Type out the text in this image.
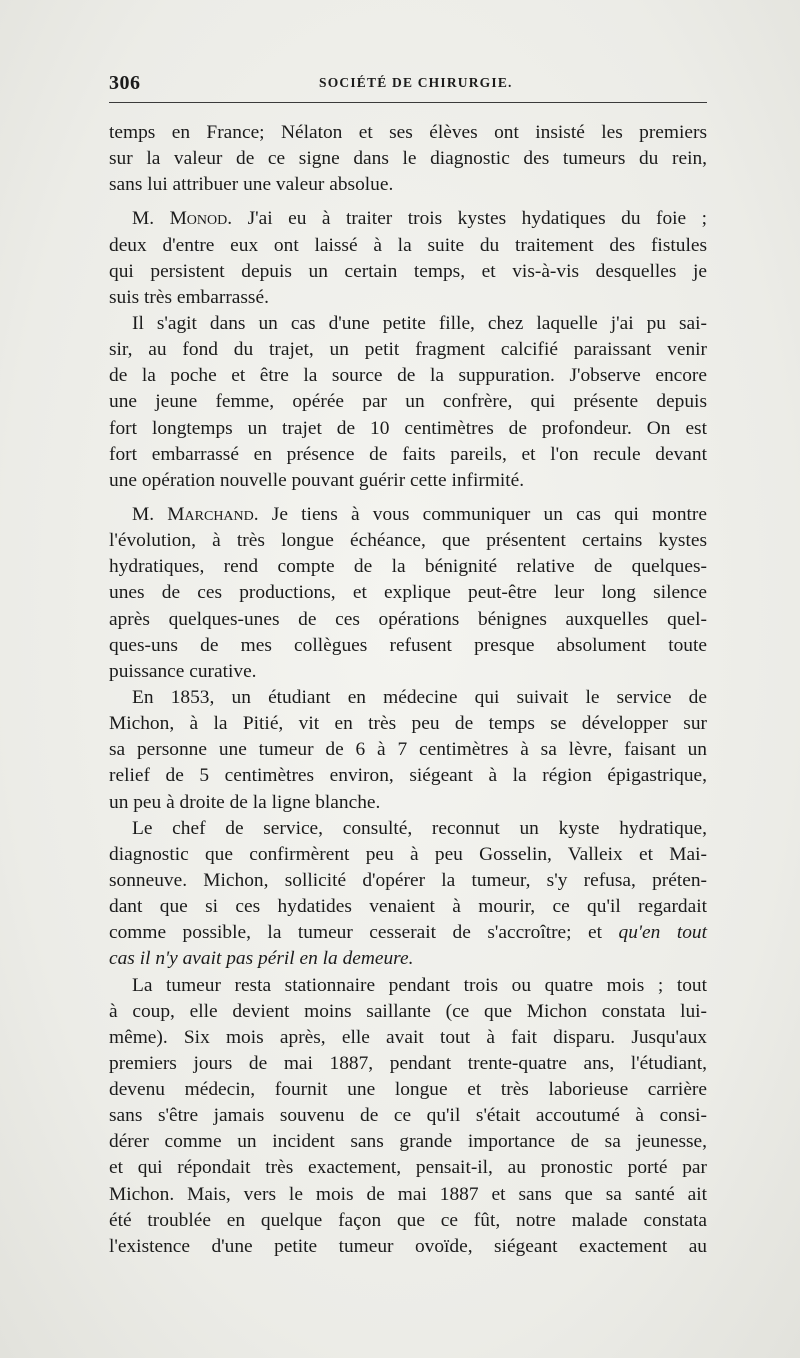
306	SOCIÉTÉ DE CHIRURGIE.
temps en France; Nélaton et ses élèves ont insisté les premiers
sur la valeur de ce signe dans le diagnostic des tumeurs du rein,
sans lui attribuer une valeur absolue.
M. Monod. J'ai eu à traiter trois kystes hydatiques du foie ;
deux d'entre eux ont laissé à la suite du traitement des fistules
qui persistent depuis un certain temps, et vis-à-vis desquelles je
suis très embarrassé.
Il s'agit dans un cas d'une petite fille, chez laquelle j'ai pu sai-
sir, au fond du trajet, un petit fragment calcifié paraissant venir
de la poche et être la source de la suppuration. J'observe encore
une jeune femme, opérée par un confrère, qui présente depuis
fort longtemps un trajet de 10 centimètres de profondeur. On est
fort embarrassé en présence de faits pareils, et l'on recule devant
une opération nouvelle pouvant guérir cette infirmité.
M. Marchand. Je tiens à vous communiquer un cas qui montre
l'évolution, à très longue échéance, que présentent certains kystes
hydratiques, rend compte de la bénignité relative de quelques-
unes de ces productions, et explique peut-être leur long silence
après quelques-unes de ces opérations bénignes auxquelles quel-
ques-uns de mes collègues refusent presque absolument toute
puissance curative.
En 1853, un étudiant en médecine qui suivait le service de
Michon, à la Pitié, vit en très peu de temps se développer sur
sa personne une tumeur de 6 à 7 centimètres à sa lèvre, faisant un
relief de 5 centimètres environ, siégeant à la région épigastrique,
un peu à droite de la ligne blanche.
Le chef de service, consulté, reconnut un kyste hydratique,
diagnostic que confirmèrent peu à peu Gosselin, Valleix et Mai-
sonneuve. Michon, sollicité d'opérer la tumeur, s'y refusa, préten-
dant que si ces hydatides venaient à mourir, ce qu'il regardait
comme possible, la tumeur cesserait de s'accroître; et qu'en tout
cas il n'y avait pas péril en la demeure.
La tumeur resta stationnaire pendant trois ou quatre mois ; tout
à coup, elle devient moins saillante (ce que Michon constata lui-
même). Six mois après, elle avait tout à fait disparu. Jusqu'aux
premiers jours de mai 1887, pendant trente-quatre ans, l'étudiant,
devenu médecin, fournit une longue et très laborieuse carrière
sans s'être jamais souvenu de ce qu'il s'était accoutumé à consi-
dérer comme un incident sans grande importance de sa jeunesse,
et qui répondait très exactement, pensait-il, au pronostic porté par
Michon. Mais, vers le mois de mai 1887 et sans que sa santé ait
été troublée en quelque façon que ce fût, notre malade constata
l'existence d'une petite tumeur ovoïde, siégeant exactement au
